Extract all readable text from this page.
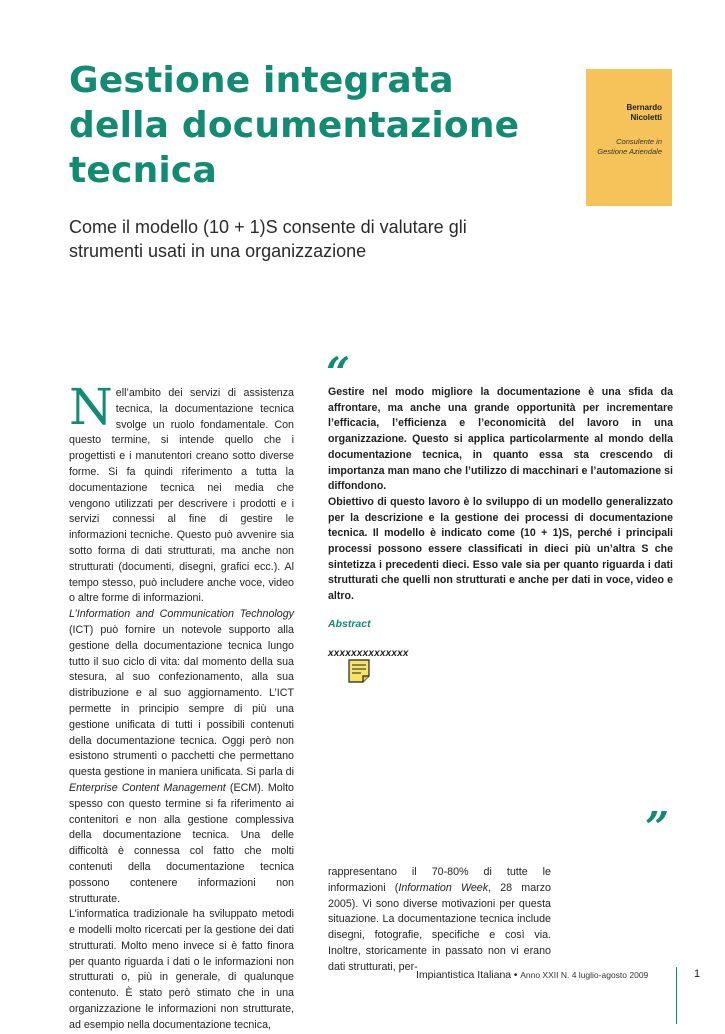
Gestione integrata della documentazione tecnica
Come il modello (10 + 1)S consente di valutare gli strumenti usati in una organizzazione
Bernardo
Nicoletti
Consulente in
Gestione Aziendale

Nell’ambito dei servizi di assistenza tecnica, la documentazione tecnica svolge un ruolo fondamentale. Con questo termine, si intende quello che i progettisti e i manutentori creano sotto diverse forme. Si fa quindi riferimento a tutta la documentazione tecnica nei media che vengono utilizzati per descrivere i prodotti e i servizi connessi al fine di gestire le informazioni tecniche. Questo può avvenire sia sotto forma di dati strutturati, ma anche non strutturati (documenti, disegni, grafici ecc.). Al tempo stesso, può includere anche voce, video o altre forme di informazioni.

L’Information and Communication Technology (ICT) può fornire un notevole supporto alla gestione della documentazione tecnica lungo tutto il suo ciclo di vita: dal momento della sua stesura, al suo confezionamento, alla sua distribuzione e al suo aggiornamento. L’ICT permette in principio sempre di più una gestione unificata di tutti i possibili contenuti della documentazione tecnica. Oggi però non esistono strumenti o pacchetti che permettano questa gestione in maniera unificata. Si parla di Enterprise Content Management (ECM). Molto spesso con questo termine si fa riferimento ai contenitori e non alla gestione complessiva della documentazione tecnica. Una delle difficoltà è connessa col fatto che molti contenuti della documentazione tecnica possono contenere informazioni non strutturate.

L’informatica tradizionale ha sviluppato metodi e modelli molto ricercati per la gestione dei dati strutturati. Molto meno invece si è fatto finora per quanto riguarda i dati o le informazioni non strutturati o, più in generale, di qualunque contenuto. È stato però stimato che in una organizzazione le informazioni non strutturate, ad esempio nella documentazione tecnica,

“

Gestire nel modo migliore la documentazione è una sfida da affrontare, ma anche una grande opportunità per incrementare l’efficacia, l’efficienza e l’economicità del lavoro in una organizzazione. Questo si applica particolarmente al mondo della documentazione tecnica, in quanto essa sta crescendo di importanza man mano che l’utilizzo di macchinari e l’automazione si diffondono.

Obiettivo di questo lavoro è lo sviluppo di un modello generalizzato per la descrizione e la gestione dei processi di documentazione tecnica. Il modello è indicato come (10 + 1)S, perché i principali processi possono essere classificati in dieci più un’altra S che sintetizza i precedenti dieci. Esso vale sia per quanto riguarda i dati strutturati che quelli non strutturati e anche per dati in voce, video e altro.

Abstract
xxxxxxxxxxxxxx
”

rappresentano il 70-80% di tutte le informazioni (Information Week, 28 marzo 2005). Vi sono diverse motivazioni per questa situazione. La documentazione tecnica include disegni, fotografie, specifiche e così via. Inoltre, storicamente in passato non vi erano dati strutturati, per-

Impiantistica Italiana • Anno XXII N. 4 luglio-agosto 2009	1
